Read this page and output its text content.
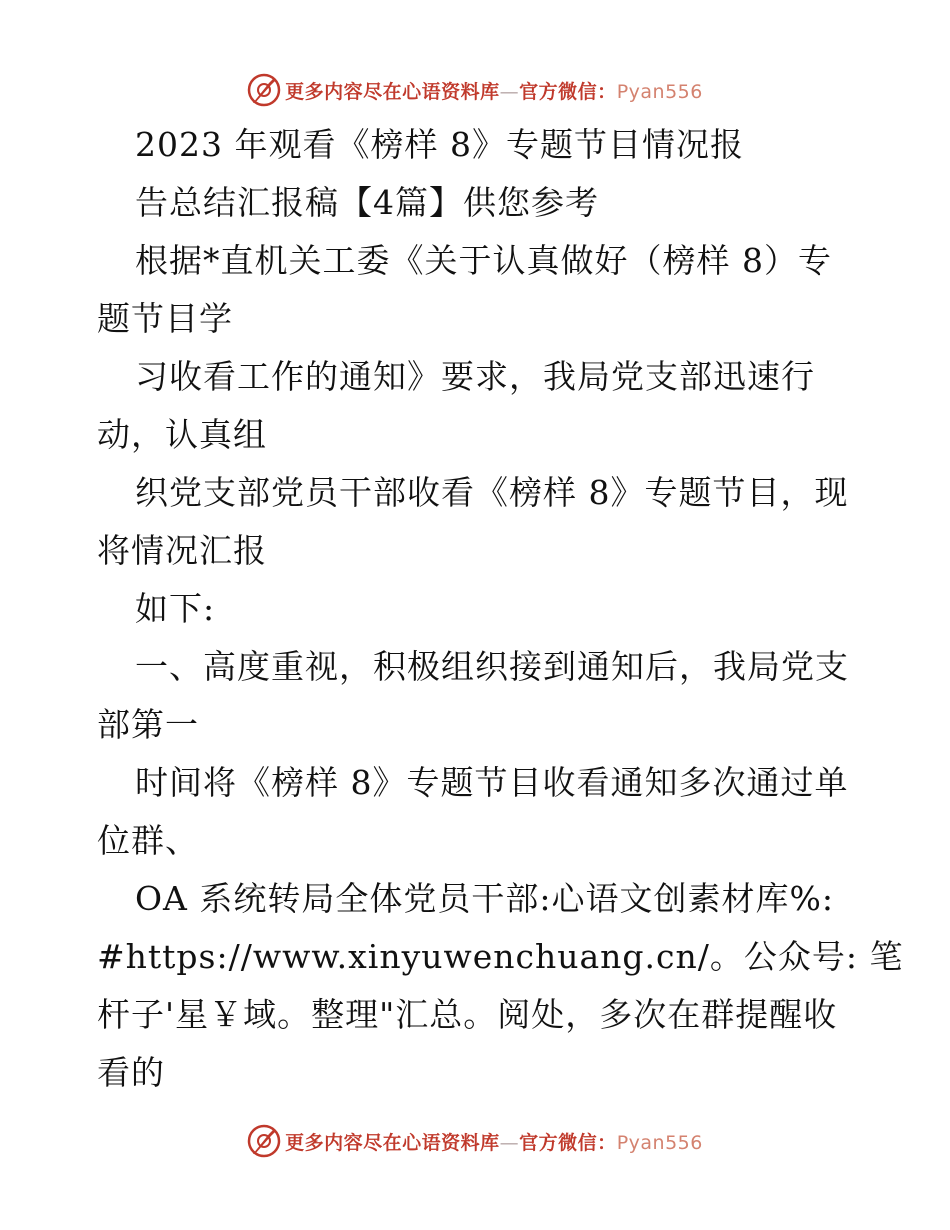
更多内容尽在心语资料库—官方微信：Pyan556
2023 年观看《榜样 8》专题节目情况报
告总结汇报稿【4篇】供您参考
根据*直机关工委《关于认真做好（榜样 8）专
题节目学
习收看工作的通知》要求，我局党支部迅速行
动，认真组
织党支部党员干部收看《榜样 8》专题节目，现
将情况汇报
如下:
一、高度重视，积极组织接到通知后，我局党支
部第一
时间将《榜样 8》专题节目收看通知多次通过单
位群、
OA 系统转局全体党员干部:心语文创素材库%:
#https://www.xinyuwenchuang.cn/。公众号: 笔
杆子'星￥域。整理"汇总。阅处，多次在群提醒收
看的
更多内容尽在心语资料库—官方微信：Pyan556
